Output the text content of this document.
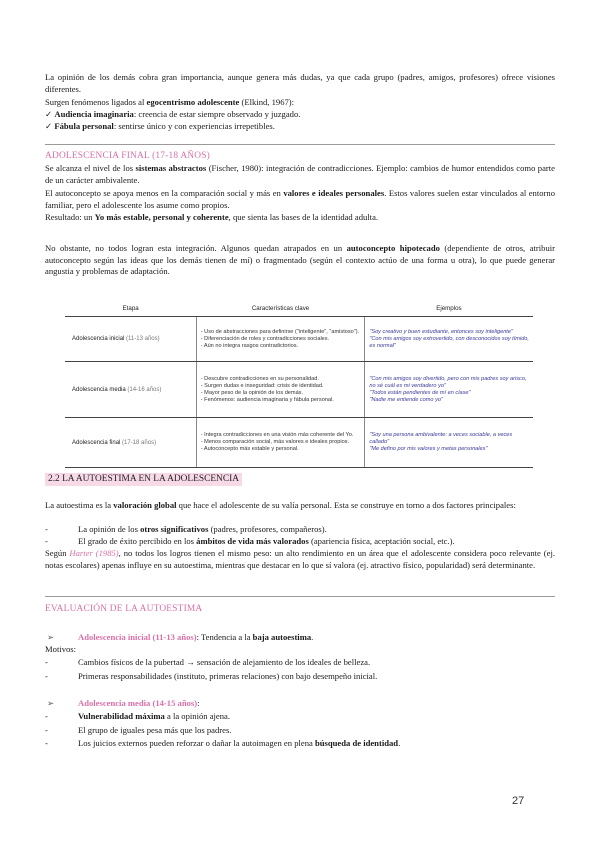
La opinión de los demás cobra gran importancia, aunque genera más dudas, ya que cada grupo (padres, amigos, profesores) ofrece visiones diferentes.

Surgen fenómenos ligados al egocentrismo adolescente (Elkind, 1967):

✓ Audiencia imaginaria: creencia de estar siempre observado y juzgado.

✓ Fábula personal: sentirse único y con experiencias irrepetibles.

ADOLESCENCIA FINAL (17-18 AÑOS)

Se alcanza el nivel de los sistemas abstractos (Fischer, 1980): integración de contradicciones. Ejemplo: cambios de humor entendidos como parte de un carácter ambivalente.

El autoconcepto se apoya menos en la comparación social y más en valores e ideales personales. Estos valores suelen estar vinculados al entorno familiar, pero el adolescente los asume como propios.

Resultado: un Yo más estable, personal y coherente, que sienta las bases de la identidad adulta.

No obstante, no todos logran esta integración. Algunos quedan atrapados en un autoconcepto hipotecado (dependiente de otros, atribuir autoconcepto según las ideas que los demás tienen de mí) o fragmentado (según el contexto actúo de una forma u otra), lo que puede generar angustia y problemas de adaptación.

Etapa	Características clave	Ejemplos
Adolescencia inicial (11-13 años)	- Uso de abstracciones para definirse ("inteligente", "amistoso").
- Diferenciación de roles y contradicciones sociales.
- Aún no integra rasgos contradictorios.	"Soy creativo y buen estudiante, entonces soy inteligente"
"Con mis amigos soy extrovertido, con desconocidos soy tímido, es normal"

Adolescencia media (14-16 años)	- Descubre contradicciones en su personalidad.
- Surgen dudas e inseguridad: crisis de identidad.
- Mayor peso de la opinión de los demás.
- Fenómenos: audiencia imaginaria y fábula personal.	"Con mis amigos soy divertido, pero con mis padres soy arisco, no sé cuál es mi verdadero yo"
"Todos están pendientes de mí en clase"
"Nadie me entiende como yo"

Adolescencia final (17-18 años)	- Integra contradicciones en una visión más coherente del Yo.
- Menos comparación social, más valores e ideales propios.
- Autoconcepto más estable y personal.	"Soy una persona ambivalente: a veces sociable, a veces callado"
"Me defino por mis valores y metas personales"
2.2 LA AUTOESTIMA EN LA ADOLESCENCIA

La autoestima es la valoración global que hace el adolescente de su valía personal. Esta se construye en torno a dos factores principales:

-	La opinión de los otros significativos (padres, profesores, compañeros).
-	El grado de éxito percibido en los ámbitos de vida más valorados (apariencia física, aceptación social, etc.).

Según Harter (1985), no todos los logros tienen el mismo peso: un alto rendimiento en un área que el adolescente considera poco relevante (ej. notas escolares) apenas influye en su autoestima, mientras que destacar en lo que sí valora (ej. atractivo físico, popularidad) será determinante.

EVALUACIÓN DE LA AUTOESTIMA
➢	Adolescencia inicial (11-13 años): Tendencia a la baja autoestima.

Motivos:

-	Cambios físicos de la pubertad → sensación de alejamiento de los ideales de belleza.
-	Primeras responsabilidades (instituto, primeras relaciones) con bajo desempeño inicial.
➢	Adolescencia media (14-15 años):
-	Vulnerabilidad máxima a la opinión ajena.
-	El grupo de iguales pesa más que los padres.
-	Los juicios externos pueden reforzar o dañar la autoimagen en plena búsqueda de identidad.
27
